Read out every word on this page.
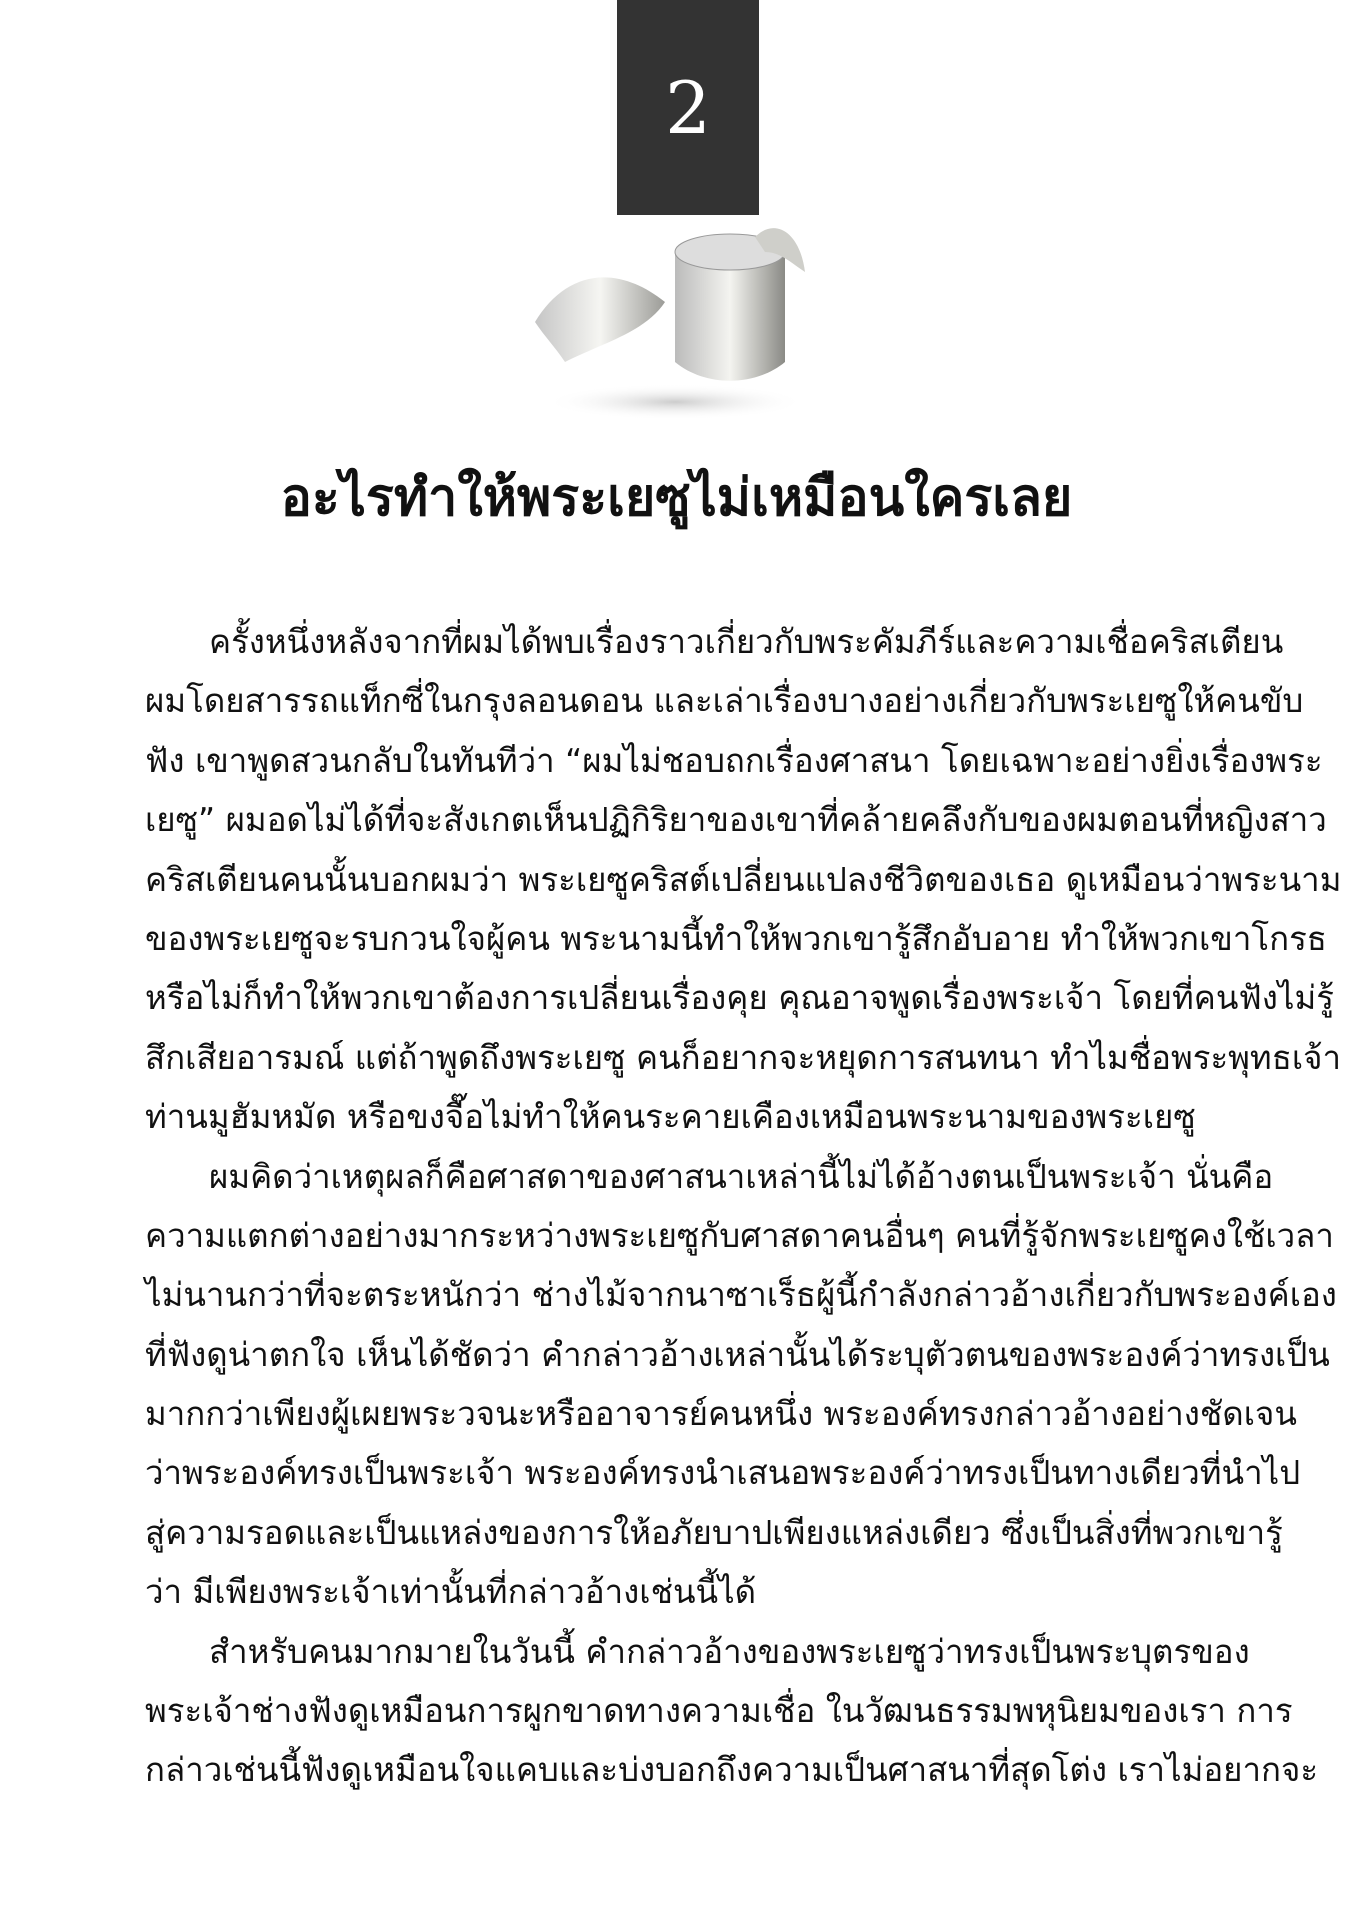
2
อะไรทำให้พระเยซูไม่เหมือนใครเลย
ครั้งหนึ่งหลังจากที่ผมได้พบเรื่องราวเกี่ยวกับพระคัมภีร์และความเชื่อคริสเตียน
ผมโดยสารรถแท็กซี่ในกรุงลอนดอน และเล่าเรื่องบางอย่างเกี่ยวกับพระเยซูให้คนขับ
ฟัง เขาพูดสวนกลับในทันทีว่า “ผมไม่ชอบถกเรื่องศาสนา โดยเฉพาะอย่างยิ่งเรื่องพระ
เยซู” ผมอดไม่ได้ที่จะสังเกตเห็นปฏิกิริยาของเขาที่คล้ายคลึงกับของผมตอนที่หญิงสาว
คริสเตียนคนนั้นบอกผมว่า พระเยซูคริสต์เปลี่ยนแปลงชีวิตของเธอ ดูเหมือนว่าพระนาม
ของพระเยซูจะรบกวนใจผู้คน พระนามนี้ทำให้พวกเขารู้สึกอับอาย ทำให้พวกเขาโกรธ
หรือไม่ก็ทำให้พวกเขาต้องการเปลี่ยนเรื่องคุย คุณอาจพูดเรื่องพระเจ้า โดยที่คนฟังไม่รู้
สึกเสียอารมณ์ แต่ถ้าพูดถึงพระเยซู คนก็อยากจะหยุดการสนทนา ทำไมชื่อพระพุทธเจ้า
ท่านมูฮัมหมัด หรือขงจื๊อไม่ทำให้คนระคายเคืองเหมือนพระนามของพระเยซู
ผมคิดว่าเหตุผลก็คือศาสดาของศาสนาเหล่านี้ไม่ได้อ้างตนเป็นพระเจ้า นั่นคือ
ความแตกต่างอย่างมากระหว่างพระเยซูกับศาสดาคนอื่นๆ คนที่รู้จักพระเยซูคงใช้เวลา
ไม่นานกว่าที่จะตระหนักว่า ช่างไม้จากนาซาเร็ธผู้นี้กำลังกล่าวอ้างเกี่ยวกับพระองค์เอง
ที่ฟังดูน่าตกใจ เห็นได้ชัดว่า คำกล่าวอ้างเหล่านั้นได้ระบุตัวตนของพระองค์ว่าทรงเป็น
มากกว่าเพียงผู้เผยพระวจนะหรืออาจารย์คนหนึ่ง พระองค์ทรงกล่าวอ้างอย่างชัดเจน
ว่าพระองค์ทรงเป็นพระเจ้า พระองค์ทรงนำเสนอพระองค์ว่าทรงเป็นทางเดียวที่นำไป
สู่ความรอดและเป็นแหล่งของการให้อภัยบาปเพียงแหล่งเดียว ซึ่งเป็นสิ่งที่พวกเขารู้
ว่า มีเพียงพระเจ้าเท่านั้นที่กล่าวอ้างเช่นนี้ได้
สำหรับคนมากมายในวันนี้ คำกล่าวอ้างของพระเยซูว่าทรงเป็นพระบุตรของ
พระเจ้าช่างฟังดูเหมือนการผูกขาดทางความเชื่อ ในวัฒนธรรมพหุนิยมของเรา การ
กล่าวเช่นนี้ฟังดูเหมือนใจแคบและบ่งบอกถึงความเป็นศาสนาที่สุดโต่ง เราไม่อยากจะ
